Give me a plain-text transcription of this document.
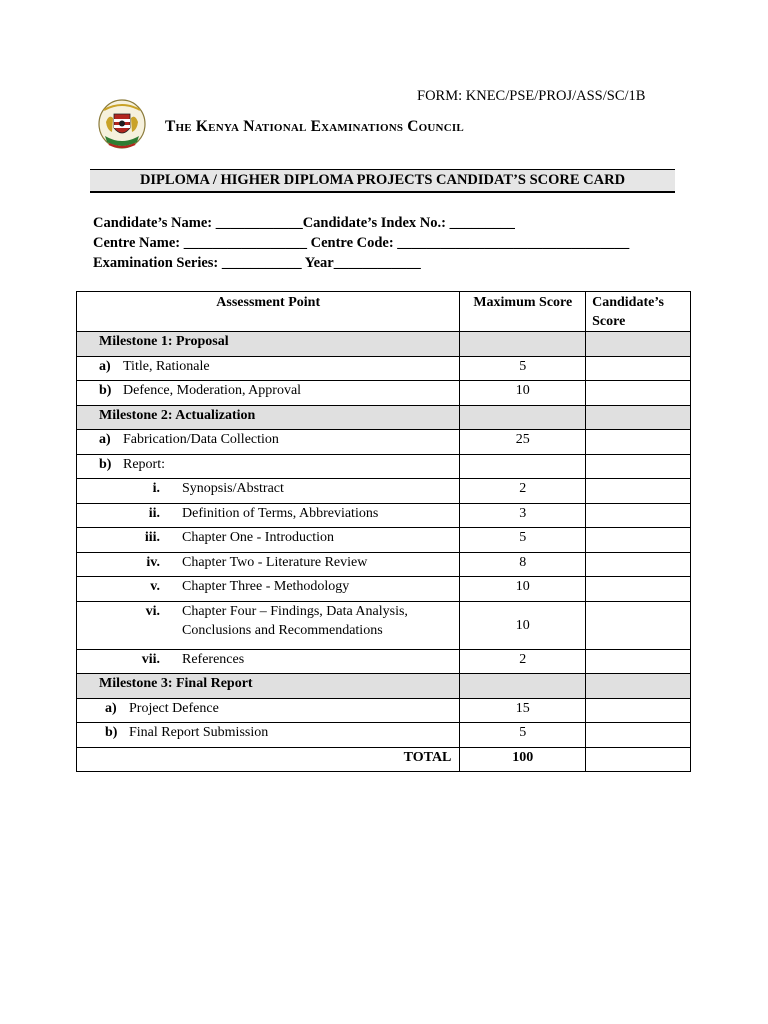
FORM: KNEC/PSE/PROJ/ASS/SC/1B
The Kenya National Examinations Council
DIPLOMA / HIGHER DIPLOMA PROJECTS CANDIDAT’S SCORE CARD
Candidate’s Name: ____________Candidate’s Index No.: _________
Centre Name: _________________ Centre Code: ________________________________
Examination Series: ___________ Year____________
Assessment Point	Maximum Score	Candidate’s Score
Milestone 1: Proposal		
a) Title, Rationale	5	
b) Defence, Moderation, Approval	10	
Milestone 2: Actualization		
a) Fabrication/Data Collection	25	
b) Report:		
i. Synopsis/Abstract	2	
ii. Definition of Terms, Abbreviations	3	
iii. Chapter One - Introduction	5	
iv. Chapter Two - Literature Review	8	
v. Chapter Three - Methodology	10	
vi. Chapter Four – Findings, Data Analysis, Conclusions and Recommendations	10	
vii. References	2	
Milestone 3: Final Report		
a) Project Defence	15	
b) Final Report Submission	5	
TOTAL	100	
